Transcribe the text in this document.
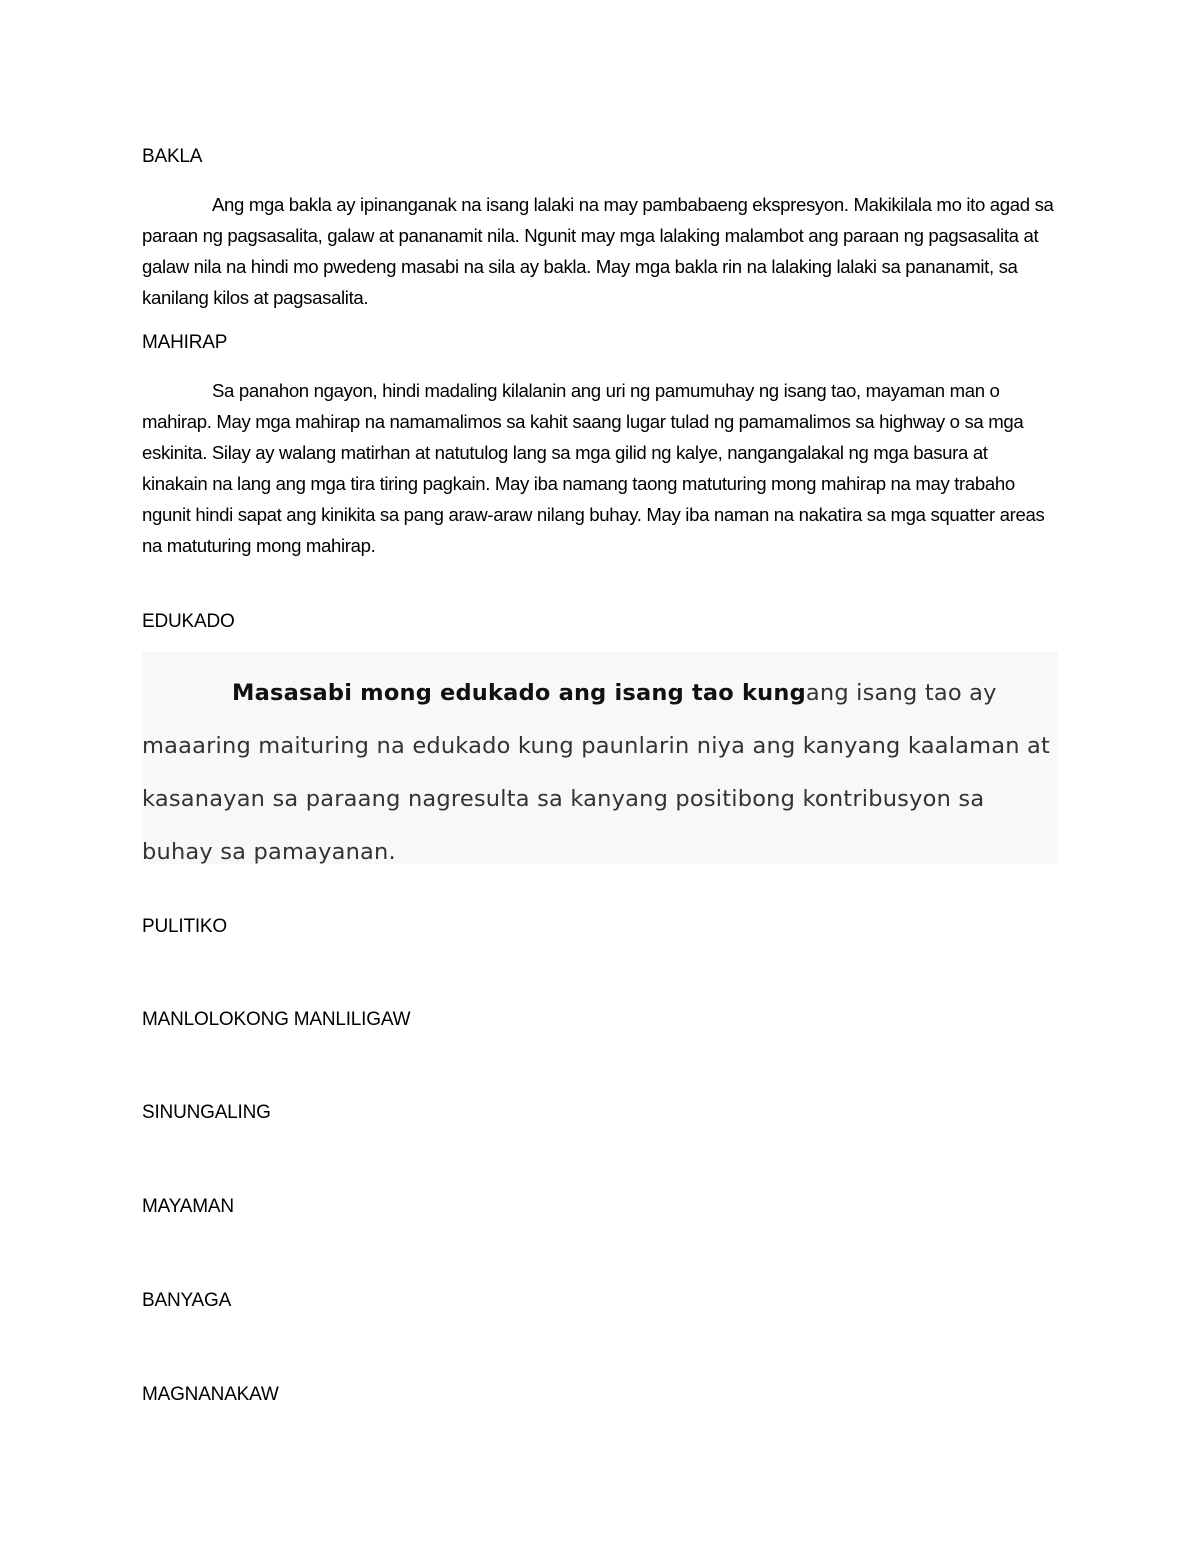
BAKLA

Ang mga bakla ay ipinanganak na isang lalaki na may pambabaeng ekspresyon. Makikilala mo ito agad sa paraan ng pagsasalita, galaw at pananamit nila. Ngunit may mga lalaking malambot ang paraan ng pagsasalita at galaw nila na hindi mo pwedeng masabi na sila ay bakla. May mga bakla rin na lalaking lalaki sa pananamit, sa kanilang kilos at pagsasalita.

MAHIRAP

Sa panahon ngayon, hindi madaling kilalanin ang uri ng pamumuhay ng isang tao, mayaman man o mahirap. May mga mahirap na namamalimos sa kahit saang lugar tulad ng pamamalimos sa highway o sa mga eskinita. Silay ay walang matirhan at natutulog lang sa mga gilid ng kalye, nangangalakal ng mga basura at kinakain na lang ang mga tira tiring pagkain. May iba namang taong matuturing mong mahirap na may trabaho ngunit hindi sapat ang kinikita sa pang araw-araw nilang buhay. May iba naman na nakatira sa mga squatter areas na matuturing mong mahirap.

EDUKADO

Masasabi mong edukado ang isang tao kungang isang tao ay maaaring maituring na edukado kung paunlarin niya ang kanyang kaalaman at kasanayan sa paraang nagresulta sa kanyang positibong kontribusyon sa buhay sa pamayanan.

PULITIKO
MANLOLOKONG MANLILIGAW
SINUNGALING
MAYAMAN
BANYAGA
MAGNANAKAW
